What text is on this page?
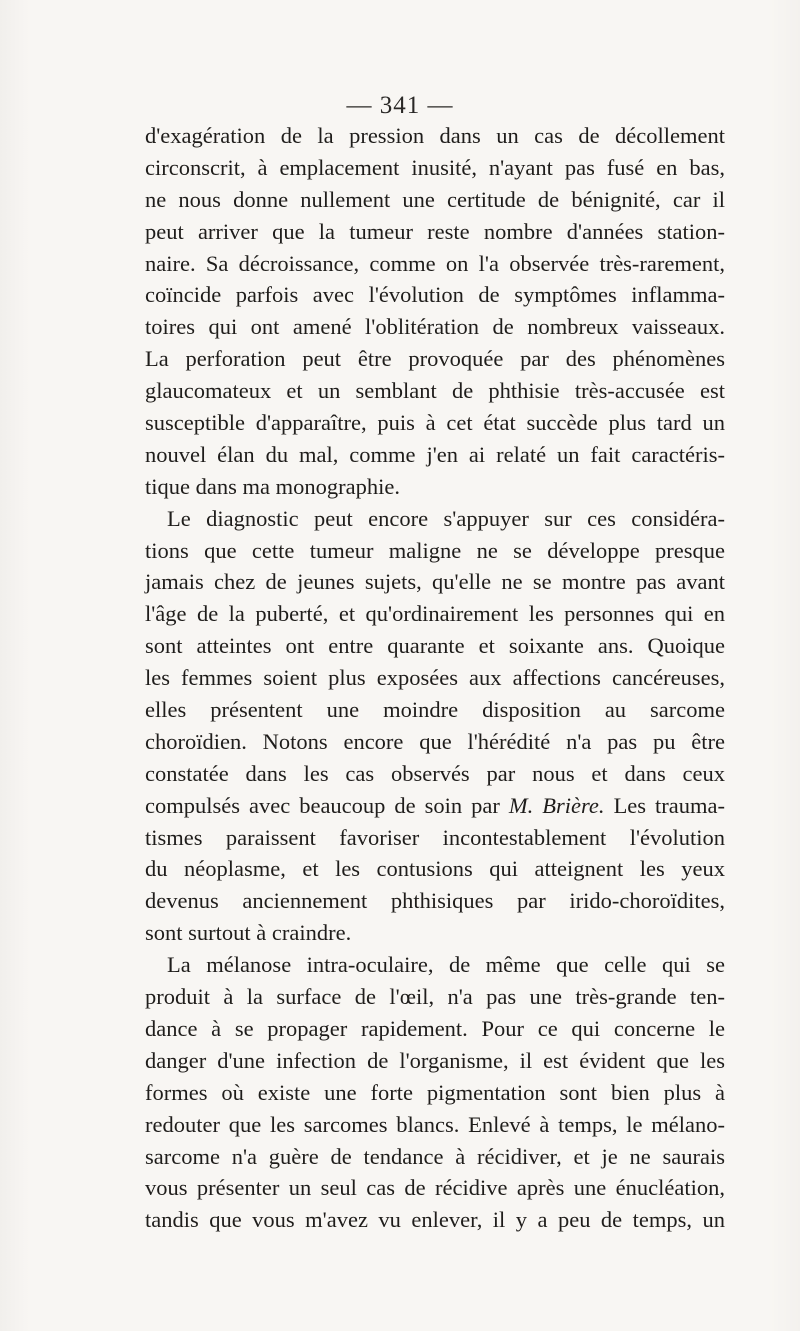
— 341 —
d'exagération de la pression dans un cas de décollement
circonscrit, à emplacement inusité, n'ayant pas fusé en bas,
ne nous donne nullement une certitude de bénignité, car il
peut arriver que la tumeur reste nombre d'années station-
naire. Sa décroissance, comme on l'a observée très-rarement,
coïncide parfois avec l'évolution de symptômes inflamma-
toires qui ont amené l'oblitération de nombreux vaisseaux.
La perforation peut être provoquée par des phénomènes
glaucomateux et un semblant de phthisie très-accusée est
susceptible d'apparaître, puis à cet état succède plus tard un
nouvel élan du mal, comme j'en ai relaté un fait caractéris-
tique dans ma monographie.
Le diagnostic peut encore s'appuyer sur ces considéra-
tions que cette tumeur maligne ne se développe presque
jamais chez de jeunes sujets, qu'elle ne se montre pas avant
l'âge de la puberté, et qu'ordinairement les personnes qui en
sont atteintes ont entre quarante et soixante ans. Quoique
les femmes soient plus exposées aux affections cancéreuses,
elles présentent une moindre disposition au sarcome
choroïdien. Notons encore que l'hérédité n'a pas pu être
constatée dans les cas observés par nous et dans ceux
compulsés avec beaucoup de soin par M. Brière. Les trauma-
tismes paraissent favoriser incontestablement l'évolution
du néoplasme, et les contusions qui atteignent les yeux
devenus anciennement phthisiques par irido-choroïdites,
sont surtout à craindre.
La mélanose intra-oculaire, de même que celle qui se
produit à la surface de l'œil, n'a pas une très-grande ten-
dance à se propager rapidement. Pour ce qui concerne le
danger d'une infection de l'organisme, il est évident que les
formes où existe une forte pigmentation sont bien plus à
redouter que les sarcomes blancs. Enlevé à temps, le mélano-
sarcome n'a guère de tendance à récidiver, et je ne saurais
vous présenter un seul cas de récidive après une énucléation,
tandis que vous m'avez vu enlever, il y a peu de temps, un
